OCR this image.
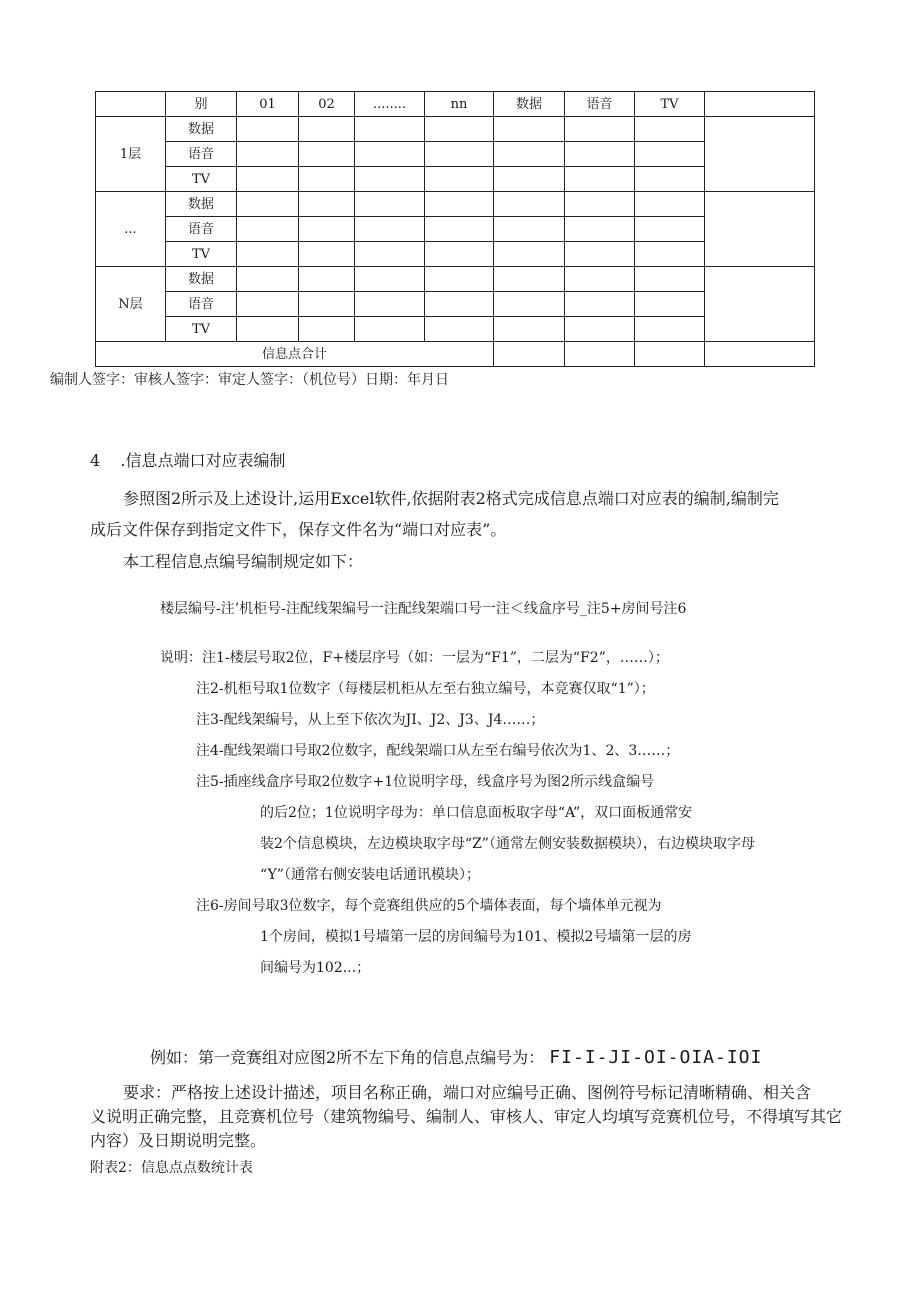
	别	01	02	........	nn	数据	语音	TV	
1层	数据								
	语音								
	TV								
...	数据								
	语音								
	TV								
N层	数据								
	语音								
	TV								
信息点合计									
编制人签字：审核人签字：审定人签字：（机位号）日期：年月日
4 .信息点端口对应表编制
参照图2所示及上述设计,运用Excel软件,依据附表2格式完成信息点端口对应表的编制,编制完
成后文件保存到指定文件下，保存文件名为“端口对应表”。
本工程信息点编号编制规定如下：
楼层编号-注’机柜号-注配线架编号一注配线架端口号一注＜线盒序号_注5+房间号注6
说明：注1-楼层号取2位，F+楼层序号（如：一层为“F1”，二层为“F2”，……）；
注2-机柜号取1位数字（每楼层机柜从左至右独立编号，本竞赛仅取“1”）；
注3-配线架编号，从上至下依次为JI、J2、J3、J4……；
注4-配线架端口号取2位数字，配线架端口从左至右编号依次为1、2、3……；
注5-插座线盒序号取2位数字+1位说明字母，线盒序号为图2所示线盒编号
的后2位；1位说明字母为：单口信息面板取字母“A”，双口面板通常安
装2个信息模块，左边模块取字母“Z”（通常左侧安装数据模块），右边模块取字母
“Y”（通常右侧安装电话通讯模块）；
注6-房间号取3位数字，每个竞赛组供应的5个墙体表面，每个墙体单元视为
1个房间，模拟1号墙第一层的房间编号为101、模拟2号墙第一层的房
间编号为102...；
例如：第一竞赛组对应图2所不左下角的信息点编号为： FI-I-JI-OI-OIA-IOI
要求：严格按上述设计描述，项目名称正确，端口对应编号正确、图例符号标记清晰精确、相关含
义说明正确完整，且竞赛机位号（建筑物编号、编制人、审核人、审定人均填写竞赛机位号，不得填写其它
内容）及日期说明完整。
附表2：信息点点数统计表
